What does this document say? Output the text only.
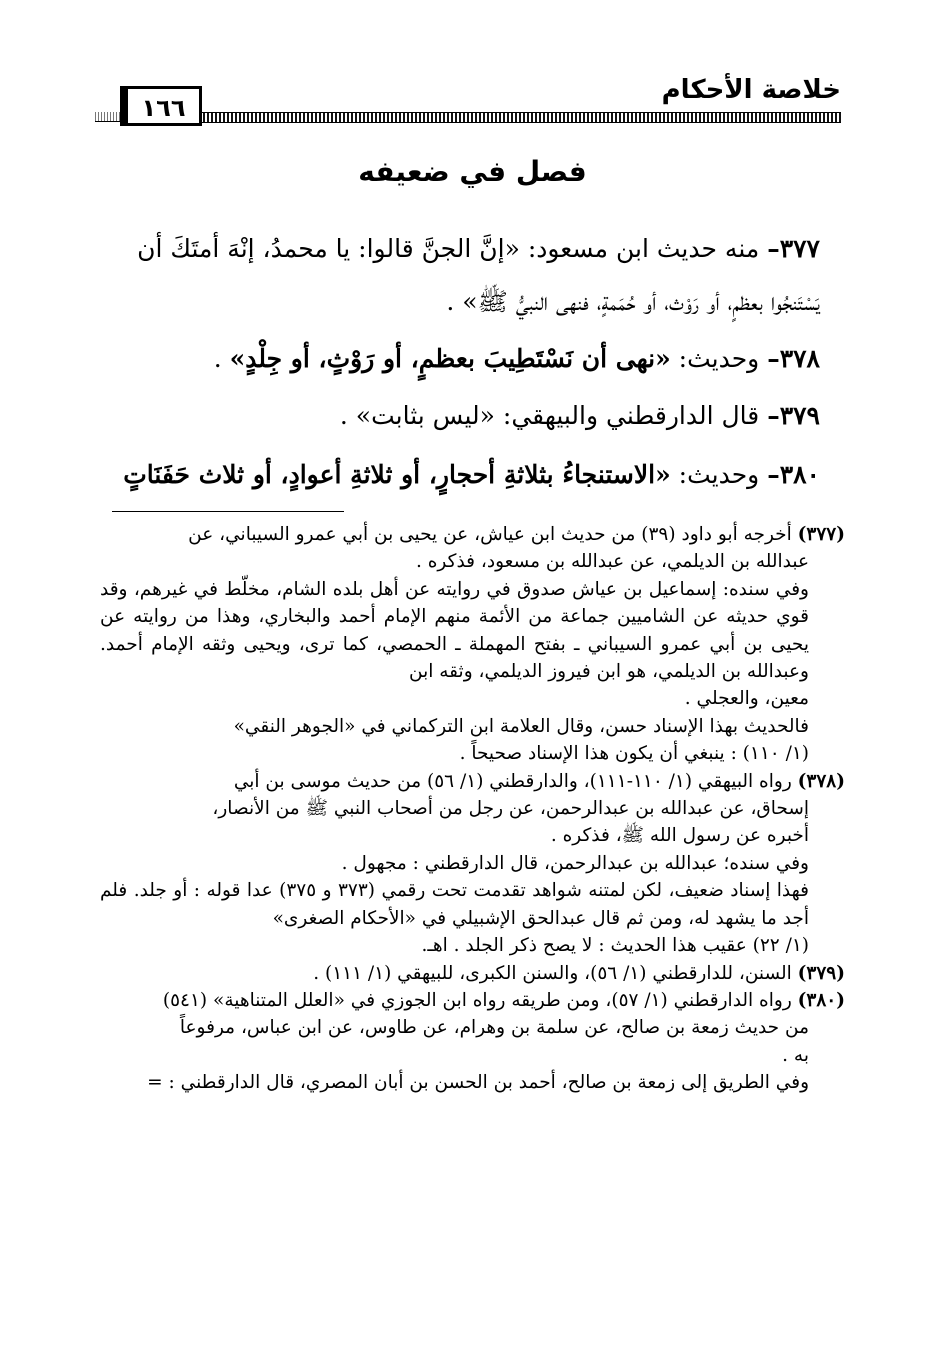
خلاصة الأحكام
١٦٦
فصل في ضعيفه

٣٧٧– منه حديث ابن مسعود: «إنَّ الجنَّ قالوا: يا محمدُ، إنْهَ أمتَكَ أن
يَسْتَنجُوا بعظمٍ، أو رَوْث، أو حُمَمةٍ، فنهى النبيُّ ﷺ» .

٣٧٨– وحديث: «نهى أن نَسْتَطِيبَ بعظمٍ، أو رَوْثٍ، أو جِلْدٍ» .

٣٧٩– قال الدارقطني والبيهقي: «ليس بثابت» .

٣٨٠– وحديث: «الاستنجاءُ بثلاثةِ أحجارٍ، أو ثلاثةِ أعوادٍ، أو ثلاث حَفَنَاتٍ

(٣٧٧) أخرجه أبو داود (٣٩) من حديث ابن عياش، عن يحيى بن أبي عمرو السيباني، عن
عبدالله بن الديلمي، عن عبدالله بن مسعود، فذكره .
وفي سنده: إسماعيل بن عياش صدوق في روايته عن أهل بلده الشام، مخلّط في غيرهم، وقد قوي حديثه عن الشاميين جماعة من الأئمة منهم الإمام أحمد والبخاري، وهذا من روايته عن يحيى بن أبي عمرو السيباني ـ بفتح المهملة ـ الحمصي، كما ترى، ويحيى وثقه الإمام أحمد. وعبدالله بن الديلمي، هو ابن فيروز الديلمي، وثقه ابن
معين، والعجلي .
فالحديث بهذا الإسناد حسن، وقال العلامة ابن التركماني في «الجوهر النقي»
(١/ ١١٠) : ينبغي أن يكون هذا الإسناد صحيحاً .

(٣٧٨) رواه البيهقي (١/ ١١٠-١١١)، والدارقطني (١/ ٥٦) من حديث موسى بن أبي
إسحاق، عن عبدالله بن عبدالرحمن، عن رجل من أصحاب النبي ﷺ من الأنصار،
أخبره عن رسول الله ﷺ، فذكره .
وفي سنده؛ عبدالله بن عبدالرحمن، قال الدارقطني : مجهول .
فهذا إسناد ضعيف، لكن لمتنه شواهد تقدمت تحت رقمي (٣٧٣ و ٣٧٥) عدا قوله : أو جلد. فلم أجد ما يشهد له، ومن ثم قال عبدالحق الإشبيلي في «الأحكام الصغرى»
(١/ ٢٢) عقيب هذا الحديث : لا يصح ذكر الجلد . اهـ.

(٣٧٩) السنن، للدارقطني (١/ ٥٦)، والسنن الكبرى، للبيهقي (١/ ١١١) .

(٣٨٠) رواه الدارقطني (١/ ٥٧)، ومن طريقه رواه ابن الجوزي في «العلل المتناهية» (٥٤١)
من حديث زمعة بن صالح، عن سلمة بن وهرام، عن طاوس، عن ابن عباس، مرفوعاً
به .
وفي الطريق إلى زمعة بن صالح، أحمد بن الحسن بن أبان المصري، قال الدارقطني : =
